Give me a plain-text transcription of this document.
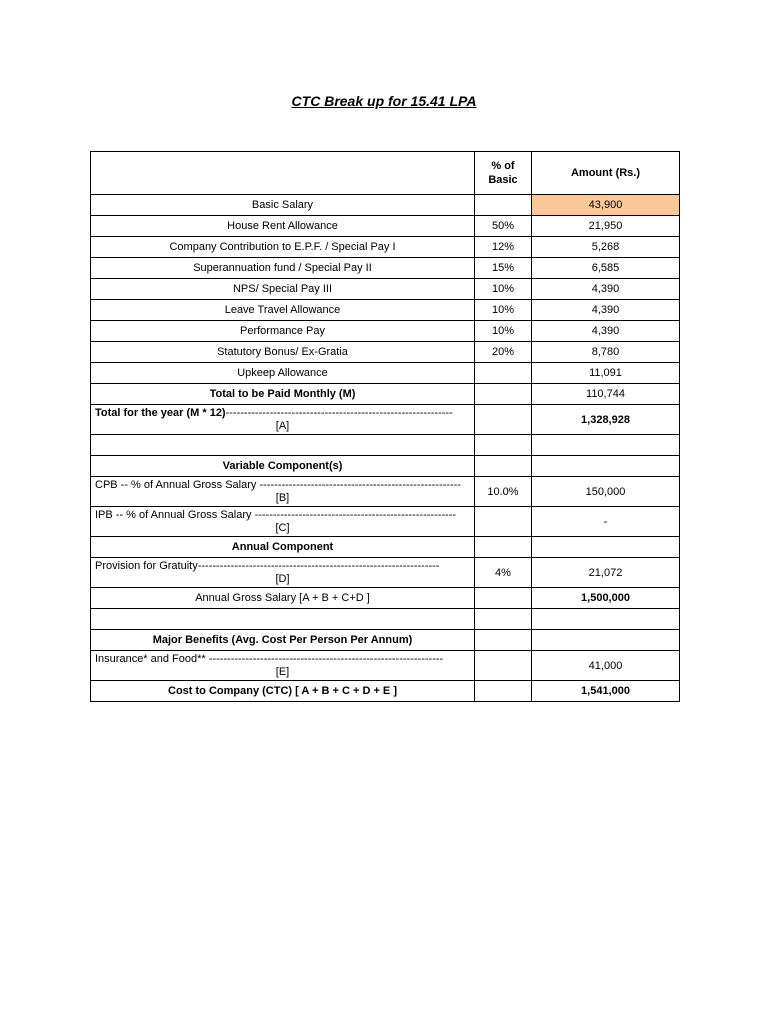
CTC Break up for 15.41 LPA
	% of
Basic	Amount (Rs.)
Basic Salary		43,900
House Rent Allowance	50%	21,950
Company Contribution to E.P.F. / Special Pay I	12%	5,268
Superannuation fund / Special Pay II	15%	6,585
NPS/ Special Pay III	10%	4,390
Leave Travel Allowance	10%	4,390
Performance Pay	10%	4,390
Statutory Bonus/ Ex-Gratia	20%	8,780
Upkeep Allowance		11,091
Total to be Paid Monthly (M)		110,744

Total for the year (M * 12)--------------------------------------------------------------
[A]		1,328,928

Variable Component(s)		

CPB -- % of Annual Gross Salary -------------------------------------------------------
[B]	10.0%	150,000

IPB -- % of Annual Gross Salary -------------------------------------------------------
[C]		-
Annual Component		

Provision for Gratuity------------------------------------------------------------------
[D]	4%	21,072
Annual Gross Salary [A + B + C+D ]		1,500,000

Major Benefits (Avg. Cost Per Person Per Annum)		

Insurance* and Food** ----------------------------------------------------------------
[E]		41,000
Cost to Company (CTC) [ A + B + C + D + E ]		1,541,000
